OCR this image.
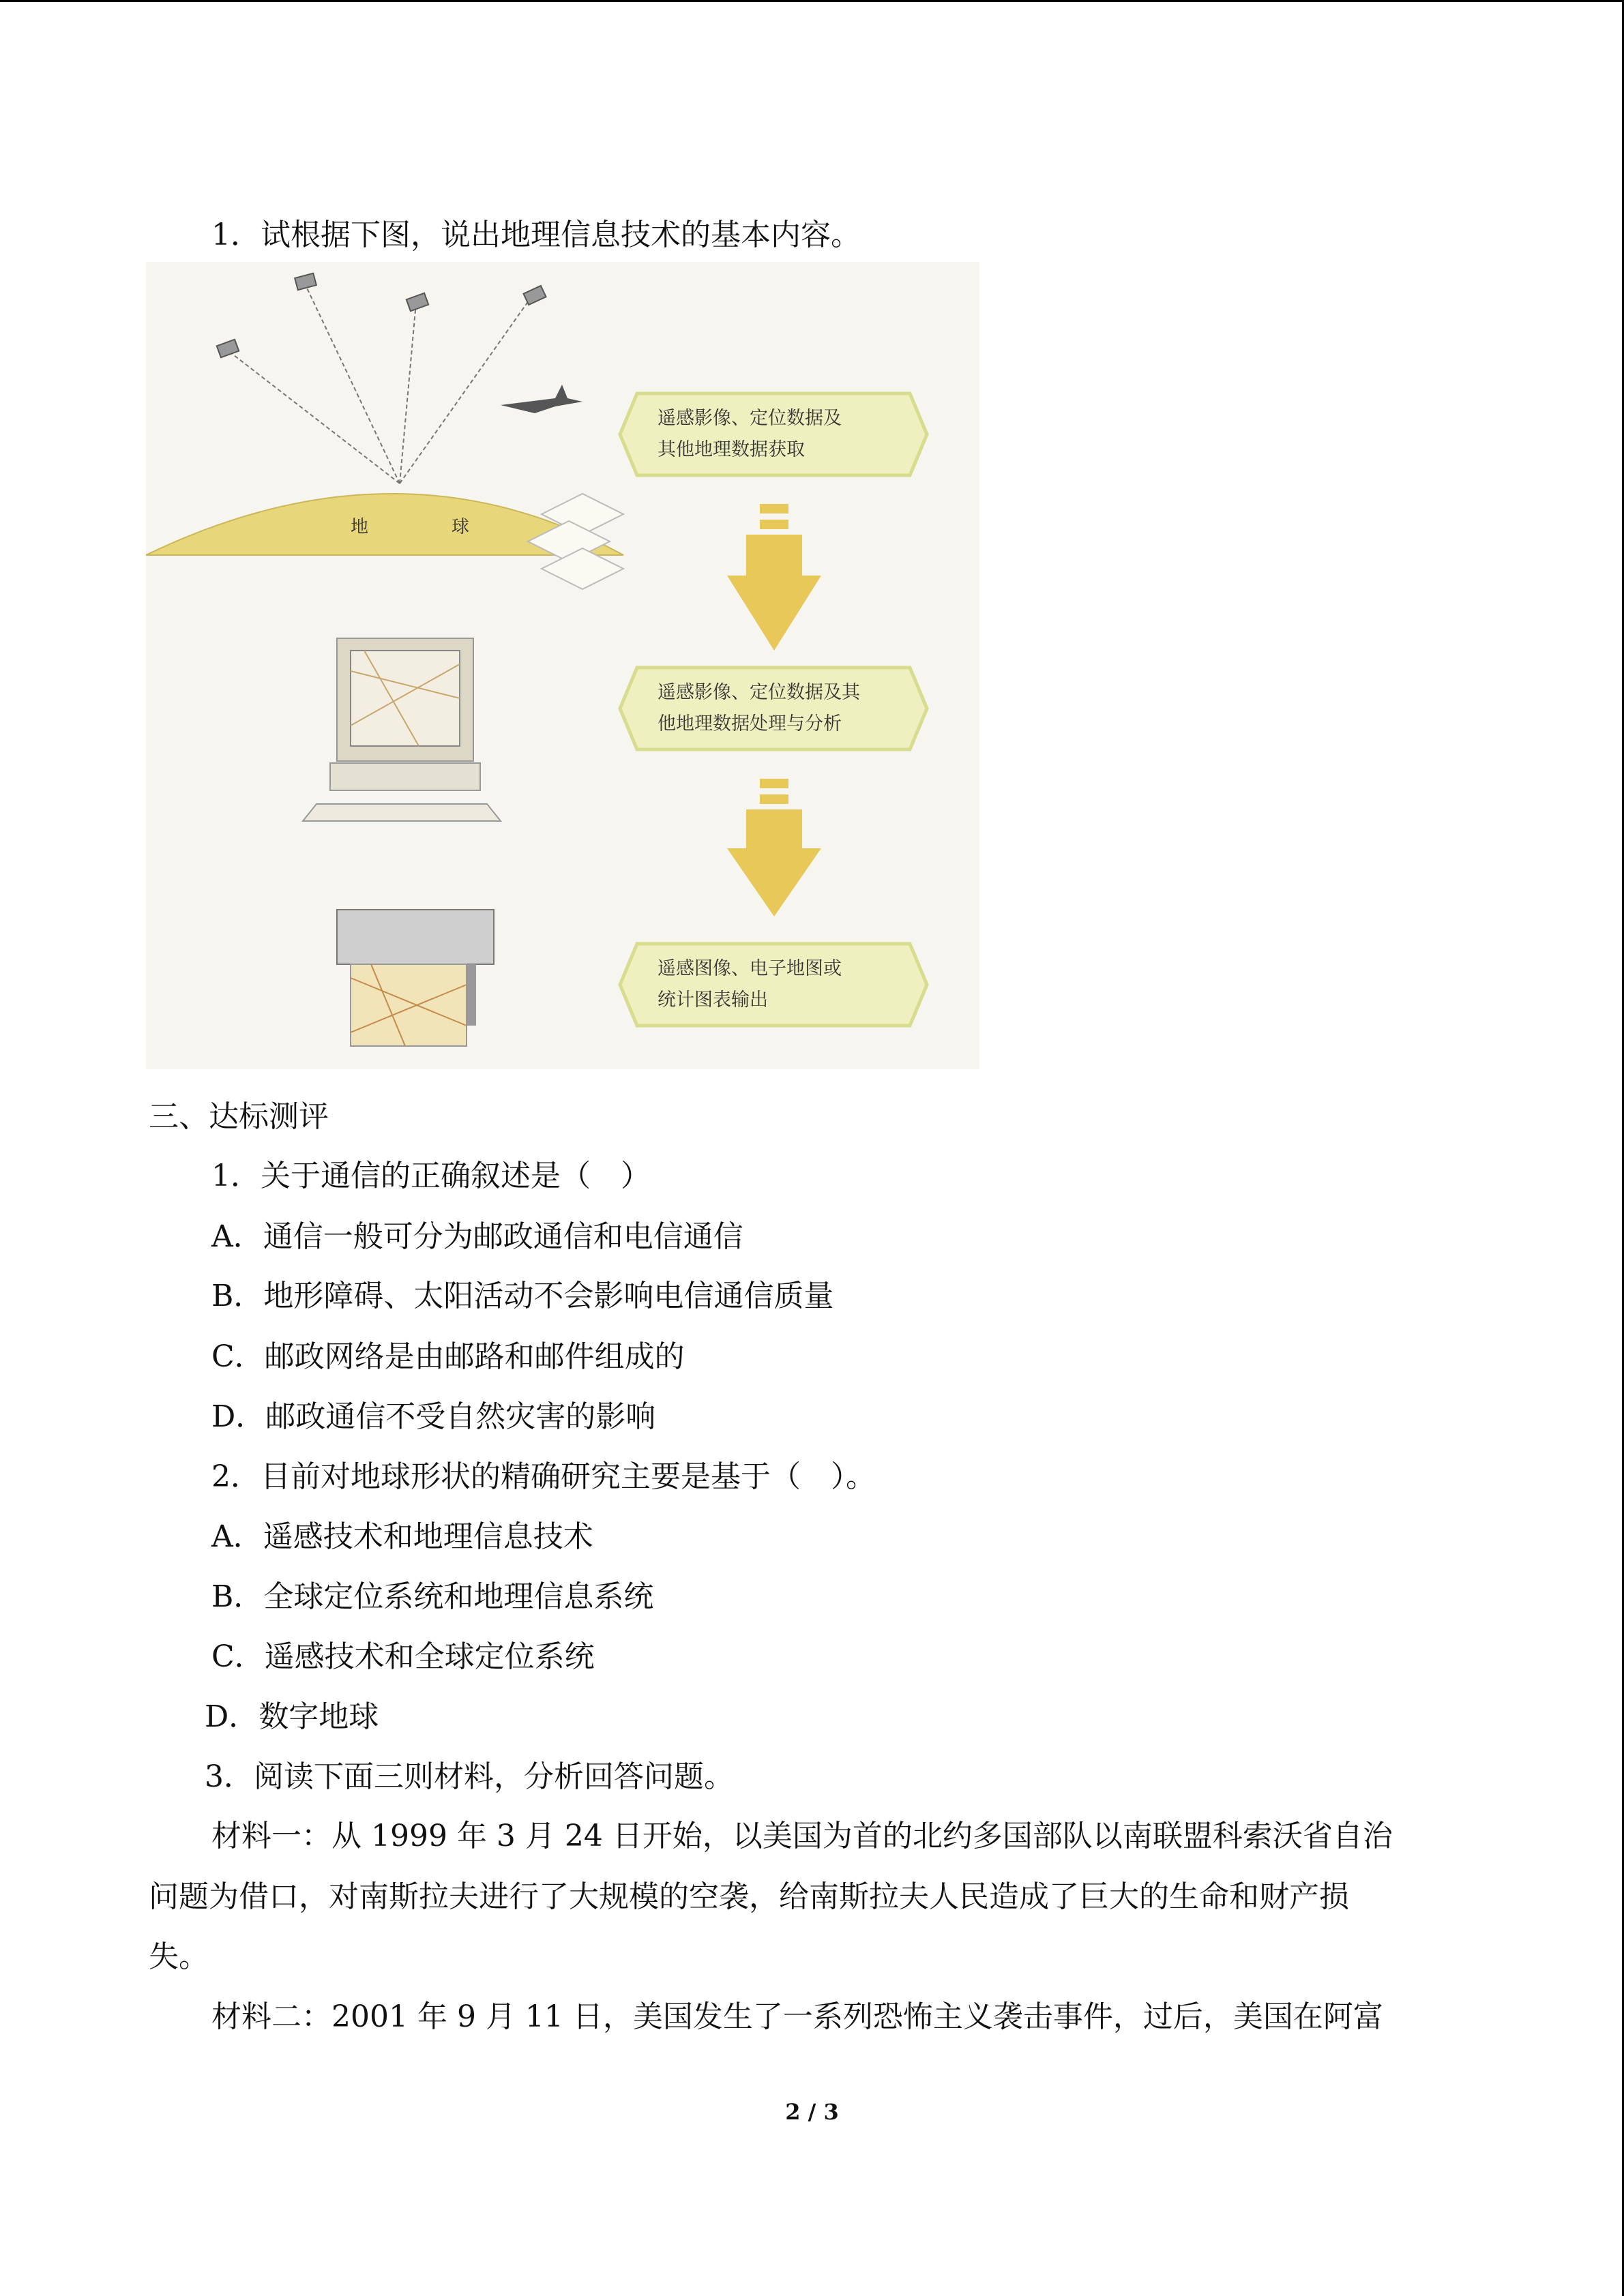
1．试根据下图，说出地理信息技术的基本内容。
地　球
遥感影像、定位数据及
其他地理数据获取
遥感影像、定位数据及其
他地理数据处理与分析
遥感图像、电子地图或
统计图表输出
三、达标测评
1．关于通信的正确叙述是（　）
A．通信一般可分为邮政通信和电信通信
B．地形障碍、太阳活动不会影响电信通信质量
C．邮政网络是由邮路和邮件组成的
D．邮政通信不受自然灾害的影响
2．目前对地球形状的精确研究主要是基于（　）。
A．遥感技术和地理信息技术
B．全球定位系统和地理信息系统
C．遥感技术和全球定位系统
D．数字地球
3．阅读下面三则材料，分析回答问题。
材料一：从 1999 年 3 月 24 日开始，以美国为首的北约多国部队以南联盟科索沃省自治
问题为借口，对南斯拉夫进行了大规模的空袭，给南斯拉夫人民造成了巨大的生命和财产损
失。
材料二：2001 年 9 月 11 日，美国发生了一系列恐怖主义袭击事件，过后，美国在阿富
2 / 3
